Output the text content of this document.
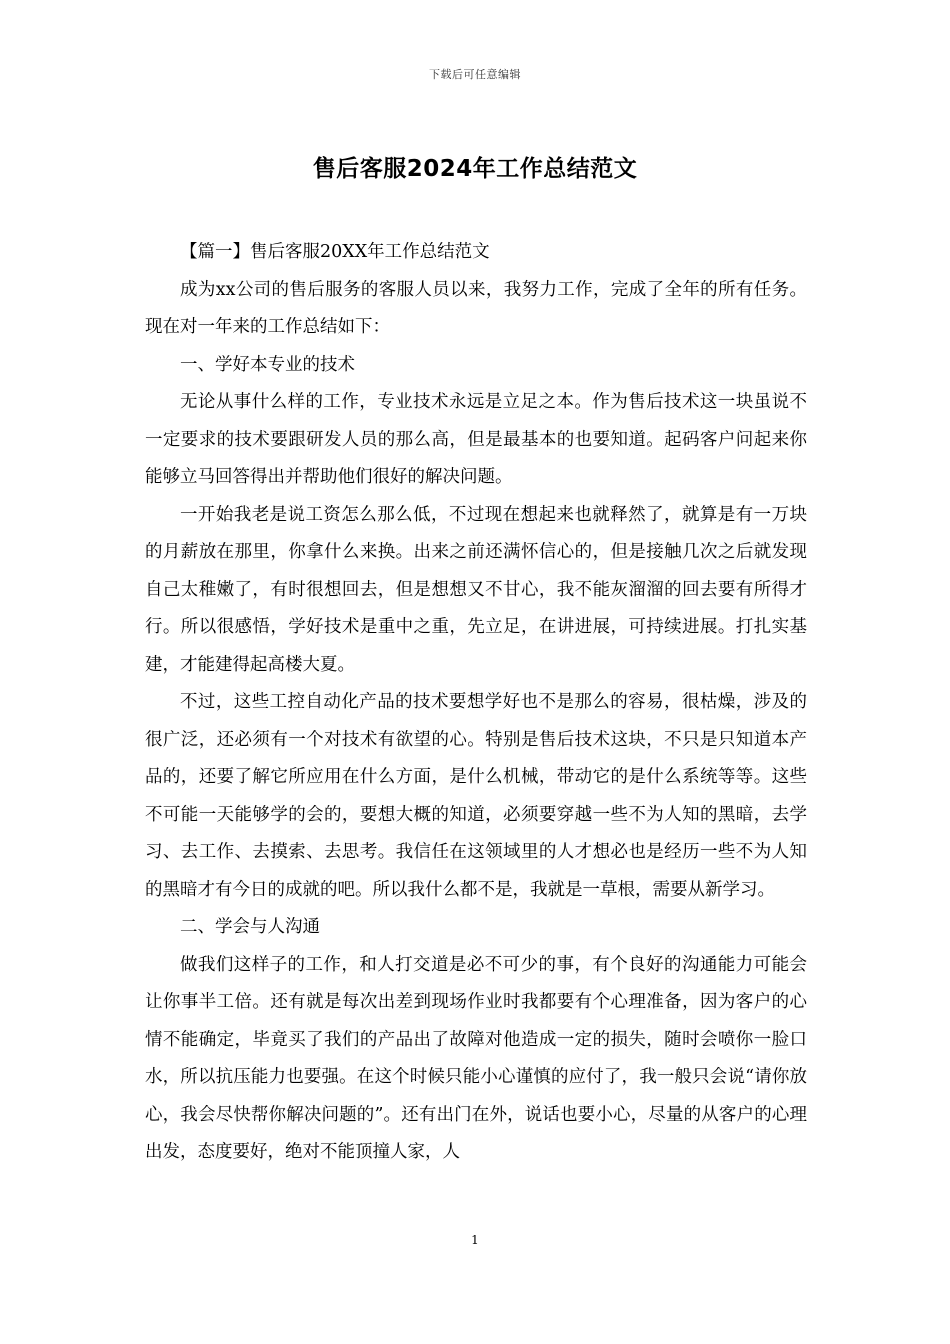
下载后可任意编辑
售后客服2024年工作总结范文

【篇一】售后客服20XX年工作总结范文

成为xx公司的售后服务的客服人员以来，我努力工作，完成了全年的所有任务。现在对一年来的工作总结如下：

一、学好本专业的技术

无论从事什么样的工作，专业技术永远是立足之本。作为售后技术这一块虽说不一定要求的技术要跟研发人员的那么高，但是最基本的也要知道。起码客户问起来你能够立马回答得出并帮助他们很好的解决问题。

一开始我老是说工资怎么那么低，不过现在想起来也就释然了，就算是有一万块的月薪放在那里，你拿什么来换。出来之前还满怀信心的，但是接触几次之后就发现自己太稚嫩了，有时很想回去，但是想想又不甘心，我不能灰溜溜的回去要有所得才行。所以很感悟，学好技术是重中之重，先立足，在讲进展，可持续进展。打扎实基建，才能建得起高楼大夏。

不过，这些工控自动化产品的技术要想学好也不是那么的容易，很枯燥，涉及的很广泛，还必须有一个对技术有欲望的心。特别是售后技术这块，不只是只知道本产品的，还要了解它所应用在什么方面，是什么机械，带动它的是什么系统等等。这些不可能一天能够学的会的，要想大概的知道，必须要穿越一些不为人知的黑暗，去学习、去工作、去摸索、去思考。我信任在这领域里的人才想必也是经历一些不为人知的黑暗才有今日的成就的吧。所以我什么都不是，我就是一草根，需要从新学习。

二、学会与人沟通

做我们这样子的工作，和人打交道是必不可少的事，有个良好的沟通能力可能会让你事半工倍。还有就是每次出差到现场作业时我都要有个心理准备，因为客户的心情不能确定，毕竟买了我们的产品出了故障对他造成一定的损失，随时会喷你一脸口水，所以抗压能力也要强。在这个时候只能小心谨慎的应付了，我一般只会说“请你放心，我会尽快帮你解决问题的”。还有出门在外，说话也要小心，尽量的从客户的心理出发，态度要好，绝对不能顶撞人家，人

1
